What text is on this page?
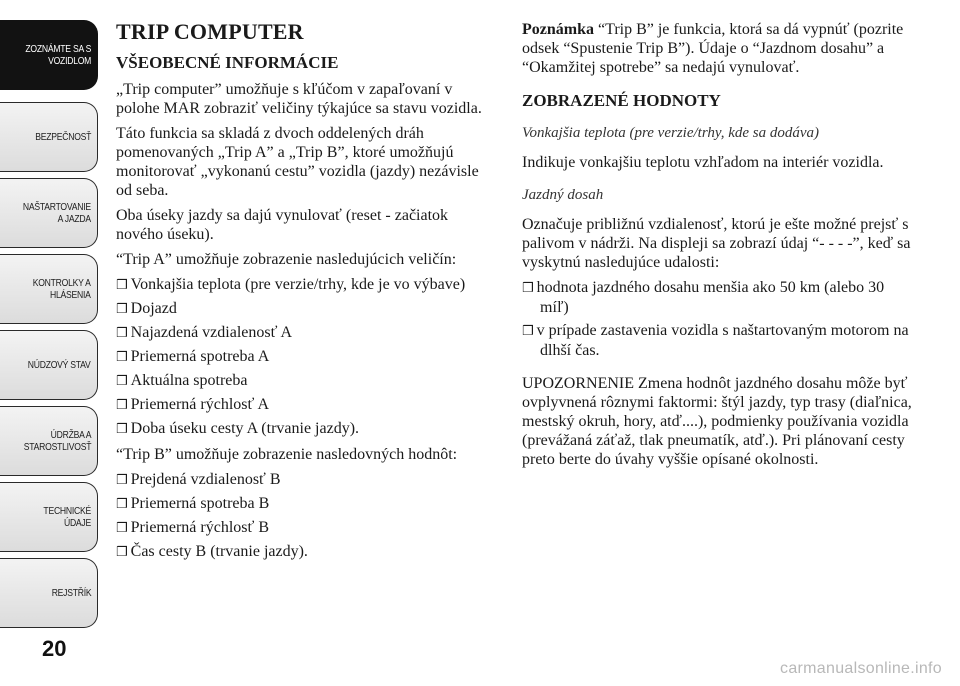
ZOZNÁMTE SA S
VOZIDLOM
BEZPEČNOSŤ
NAŠTARTOVANIE
A JAZDA
KONTROLKY A
HLÁSENIA
NÚDZOVÝ STAV
ÚDRŽBA A
STAROSTLIVOSŤ
TECHNICKÉ
ÚDAJE
REJSTŘÍK
20
TRIP COMPUTER
VŠEOBECNÉ INFORMÁCIE

„Trip computer” umožňuje s kľúčom v zapaľovaní v polohe MAR zobraziť veličiny týkajúce sa stavu vozidla.

Táto funkcia sa skladá z dvoch oddelených dráh pomenovaných „Trip A” a „Trip B”, ktoré umožňujú monitorovať „vykonanú cestu” vozidla (jazdy) nezávisle od seba.

Oba úseky jazdy sa dajú vynulovať (reset - začiatok nového úseku).

“Trip A” umožňuje zobrazenie nasledujúcich veličín:

❒ Vonkajšia teplota (pre verzie/trhy, kde je vo výbave)
❒ Dojazd
❒ Najazdená vzdialenosť A
❒ Priemerná spotreba A
❒ Aktuálna spotreba
❒ Priemerná rýchlosť A
❒ Doba úseku cesty A (trvanie jazdy).

“Trip B” umožňuje zobrazenie nasledovných hodnôt:

❒ Prejdená vzdialenosť B
❒ Priemerná spotreba B
❒ Priemerná rýchlosť B
❒ Čas cesty B (trvanie jazdy).

Poznámka “Trip B” je funkcia, ktorá sa dá vypnúť (pozrite odsek “Spustenie Trip B”). Údaje o “Jazdnom dosahu” a “Okamžitej spotrebe” sa nedajú vynulovať.

ZOBRAZENÉ HODNOTY

Vonkajšia teplota (pre verzie/trhy, kde sa dodáva)

Indikuje vonkajšiu teplotu vzhľadom na interiér vozidla.

Jazdný dosah

Označuje približnú vzdialenosť, ktorú je ešte možné prejsť s palivom v nádrži. Na displeji sa zobrazí údaj “- - - -”, keď sa vyskytnú nasledujúce udalosti:

❒ hodnota jazdného dosahu menšia ako 50 km (alebo 30 míľ)
❒ v prípade zastavenia vozidla s naštartovaným motorom na dlhší čas.

UPOZORNENIE Zmena hodnôt jazdného dosahu môže byť ovplyvnená rôznymi faktormi: štýl jazdy, typ trasy (diaľnica, mestský okruh, hory, atď....), podmienky používania vozidla (prevážaná záťaž, tlak pneumatík, atď.). Pri plánovaní cesty preto berte do úvahy vyššie opísané okolnosti.

carmanualsonline.info
